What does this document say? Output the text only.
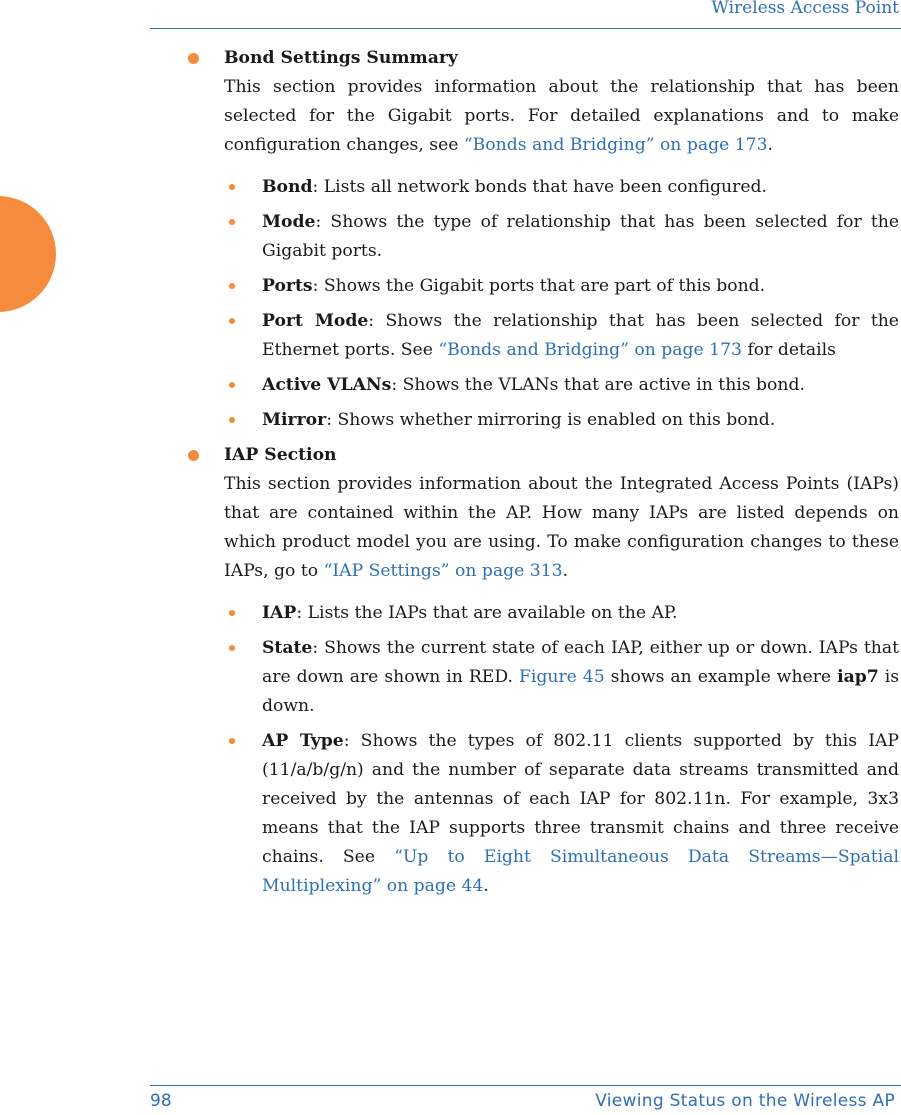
Wireless Access Point
Bond Settings Summary

This section provides information about the relationship that has been selected for the Gigabit ports. For detailed explanations and to make configuration changes, see “Bonds and Bridging” on page 173.

Bond: Lists all network bonds that have been configured.
Mode: Shows the type of relationship that has been selected for the Gigabit ports.
Ports: Shows the Gigabit ports that are part of this bond.
Port Mode: Shows the relationship that has been selected for the Ethernet ports. See “Bonds and Bridging” on page 173 for details
Active VLANs: Shows the VLANs that are active in this bond.
Mirror: Shows whether mirroring is enabled on this bond.
IAP Section

This section provides information about the Integrated Access Points (IAPs) that are contained within the AP. How many IAPs are listed depends on which product model you are using. To make configuration changes to these IAPs, go to “IAP Settings” on page 313.

IAP: Lists the IAPs that are available on the AP.
State: Shows the current state of each IAP, either up or down. IAPs that are down are shown in RED. Figure 45 shows an example where iap7 is down.
AP Type: Shows the types of 802.11 clients supported by this IAP (11/a/b/g/n) and the number of separate data streams transmitted and received by the antennas of each IAP for 802.11n. For example, 3x3 means that the IAP supports three transmit chains and three receive chains. See “Up to Eight Simultaneous Data Streams—Spatial Multiplexing” on page 44.
98	Viewing Status on the Wireless AP
